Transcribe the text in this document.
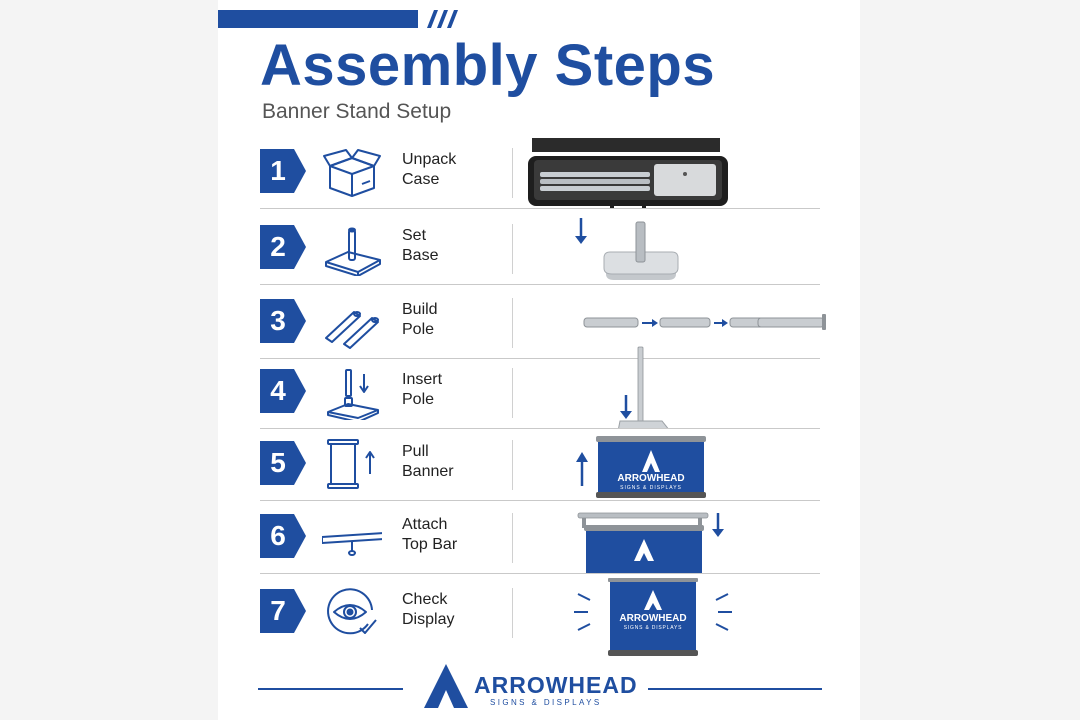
Assembly Steps
Banner Stand Setup
1	Unpack
Case
2	Set
Base
3	Build
Pole
4	Insert
Pole
5	Pull
Banner	ARROWHEAD
SIGNS & DISPLAYS
6	Attach
Top Bar
7	Check
Display	ARROWHEAD
SIGNS & DISPLAYS
ARROWHEAD
SIGNS & DISPLAYS
